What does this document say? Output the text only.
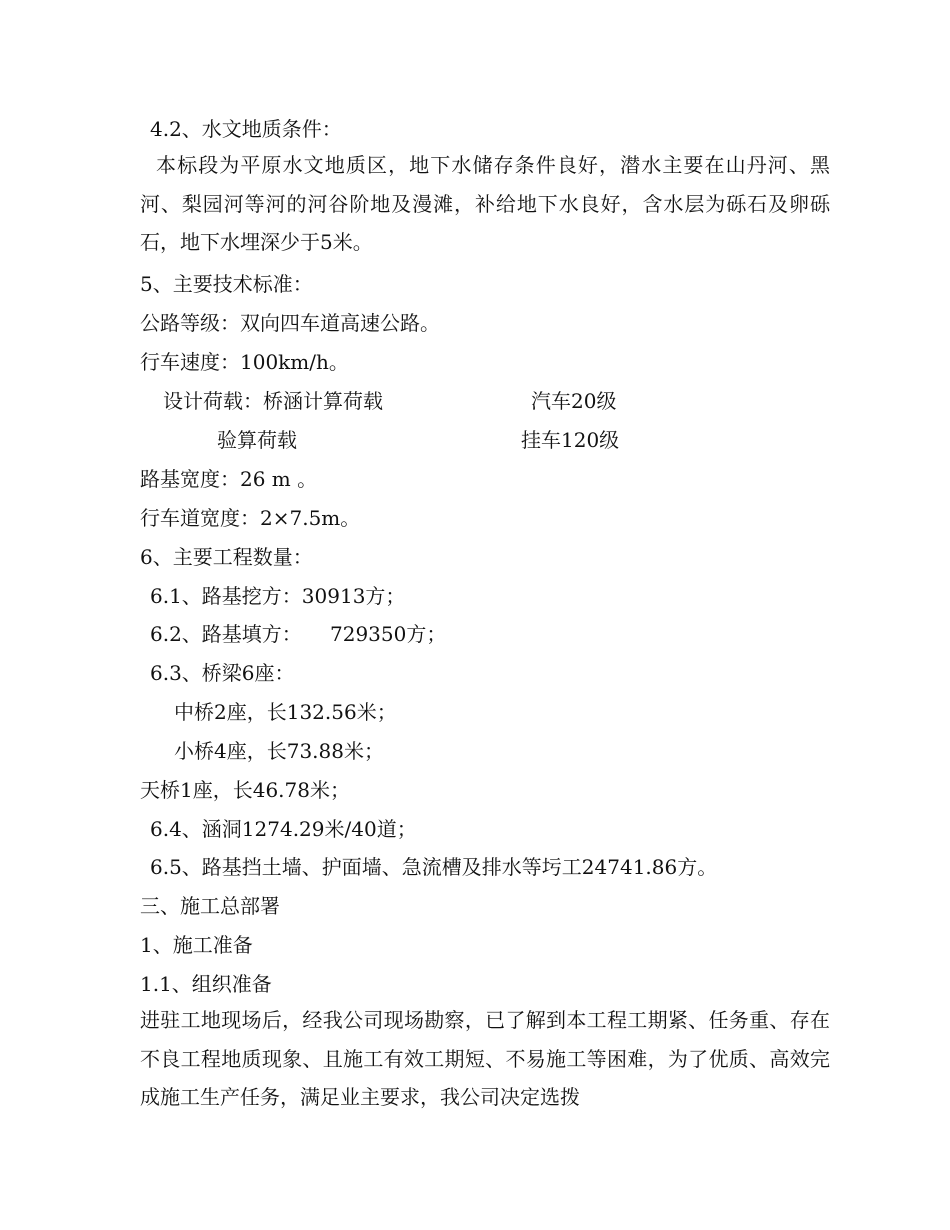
4.2、水文地质条件：
本标段为平原水文地质区，地下水储存条件良好，潜水主要在山丹河、黑河、梨园河等河的河谷阶地及漫滩，补给地下水良好，含水层为砾石及卵砾石，地下水埋深少于5米。
5、主要技术标准：
公路等级：双向四车道高速公路。
行车速度：100km/h。
设计荷载：桥涵计算荷载	汽车20级
验算荷载	挂车120级
路基宽度：26 m 。
行车道宽度：2×7.5m。
6、主要工程数量：
6.1、路基挖方：30913方；
6.2、路基填方： 729350方；
6.3、桥梁6座：
中桥2座，长132.56米；
小桥4座，长73.88米；
天桥1座，长46.78米；
6.4、涵洞1274.29米/40道；
6.5、路基挡土墙、护面墙、急流槽及排水等圬工24741.86方。
三、施工总部署
1、施工准备
1.1、组织准备
进驻工地现场后，经我公司现场勘察，已了解到本工程工期紧、任务重、存在不良工程地质现象、且施工有效工期短、不易施工等困难，为了优质、高效完成施工生产任务，满足业主要求，我公司决定选拨
